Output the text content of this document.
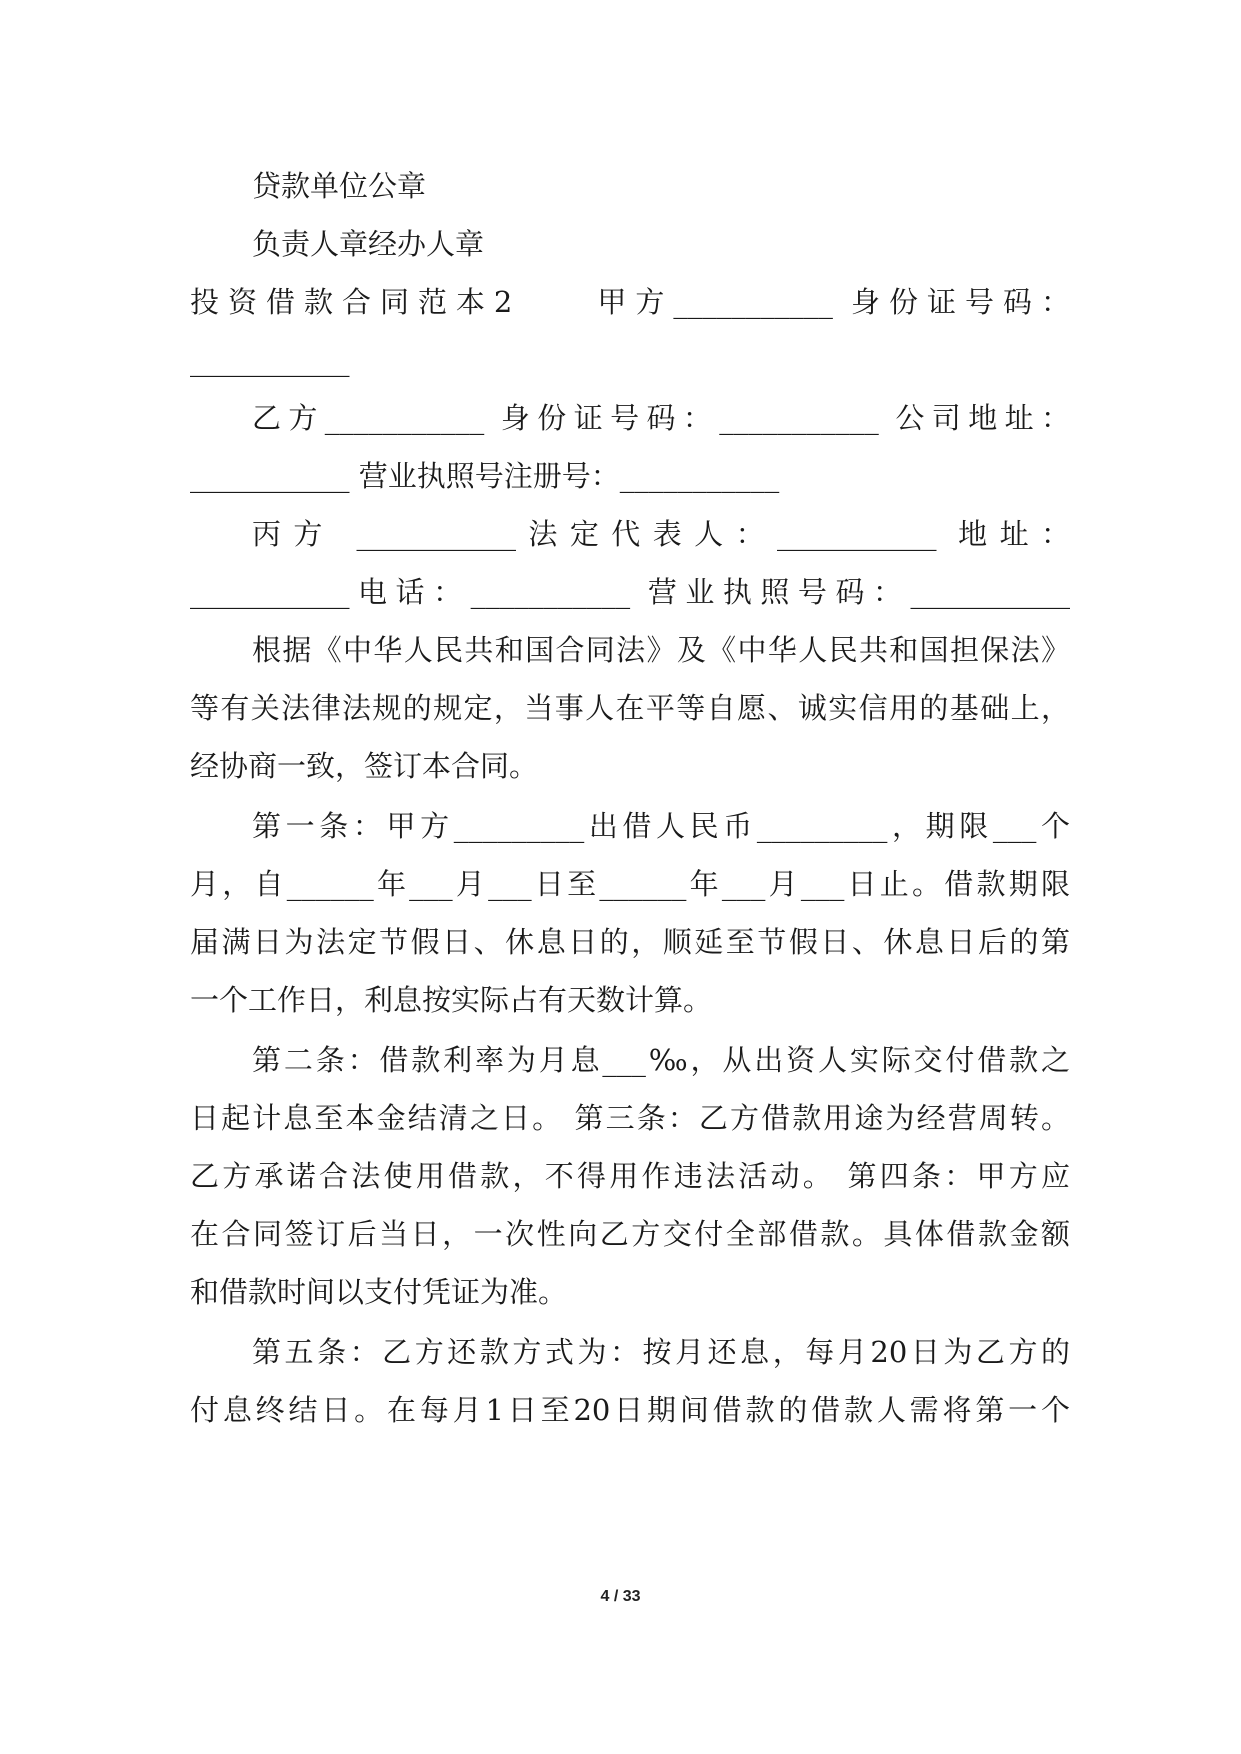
贷款单位公章
负责人章经办人章
投资借款合同范本2　　甲方___________ 身份证号码：
___________
乙方___________ 身份证号码：___________ 公司地址：
___________ 营业执照号注册号：___________
丙方 ___________法定代表人：___________ 地址：
___________电话：___________ 营业执照号码：___________
根据《中华人民共和国合同法》及《中华人民共和国担保法》
等有关法律法规的规定，当事人在平等自愿、诚实信用的基础上，
经协商一致，签订本合同。
第一条：甲方_________出借人民币_________，期限___个
月，自______年___月___日至______年___月___日止。借款期限
届满日为法定节假日、休息日的，顺延至节假日、休息日后的第
一个工作日，利息按实际占有天数计算。
第二条：借款利率为月息___‰，从出资人实际交付借款之
日起计息至本金结清之日。 第三条：乙方借款用途为经营周转。
乙方承诺合法使用借款，不得用作违法活动。 第四条：甲方应
在合同签订后当日，一次性向乙方交付全部借款。具体借款金额
和借款时间以支付凭证为准。
第五条：乙方还款方式为：按月还息，每月20日为乙方的
付息终结日。在每月1日至20日期间借款的借款人需将第一个
4 / 33
